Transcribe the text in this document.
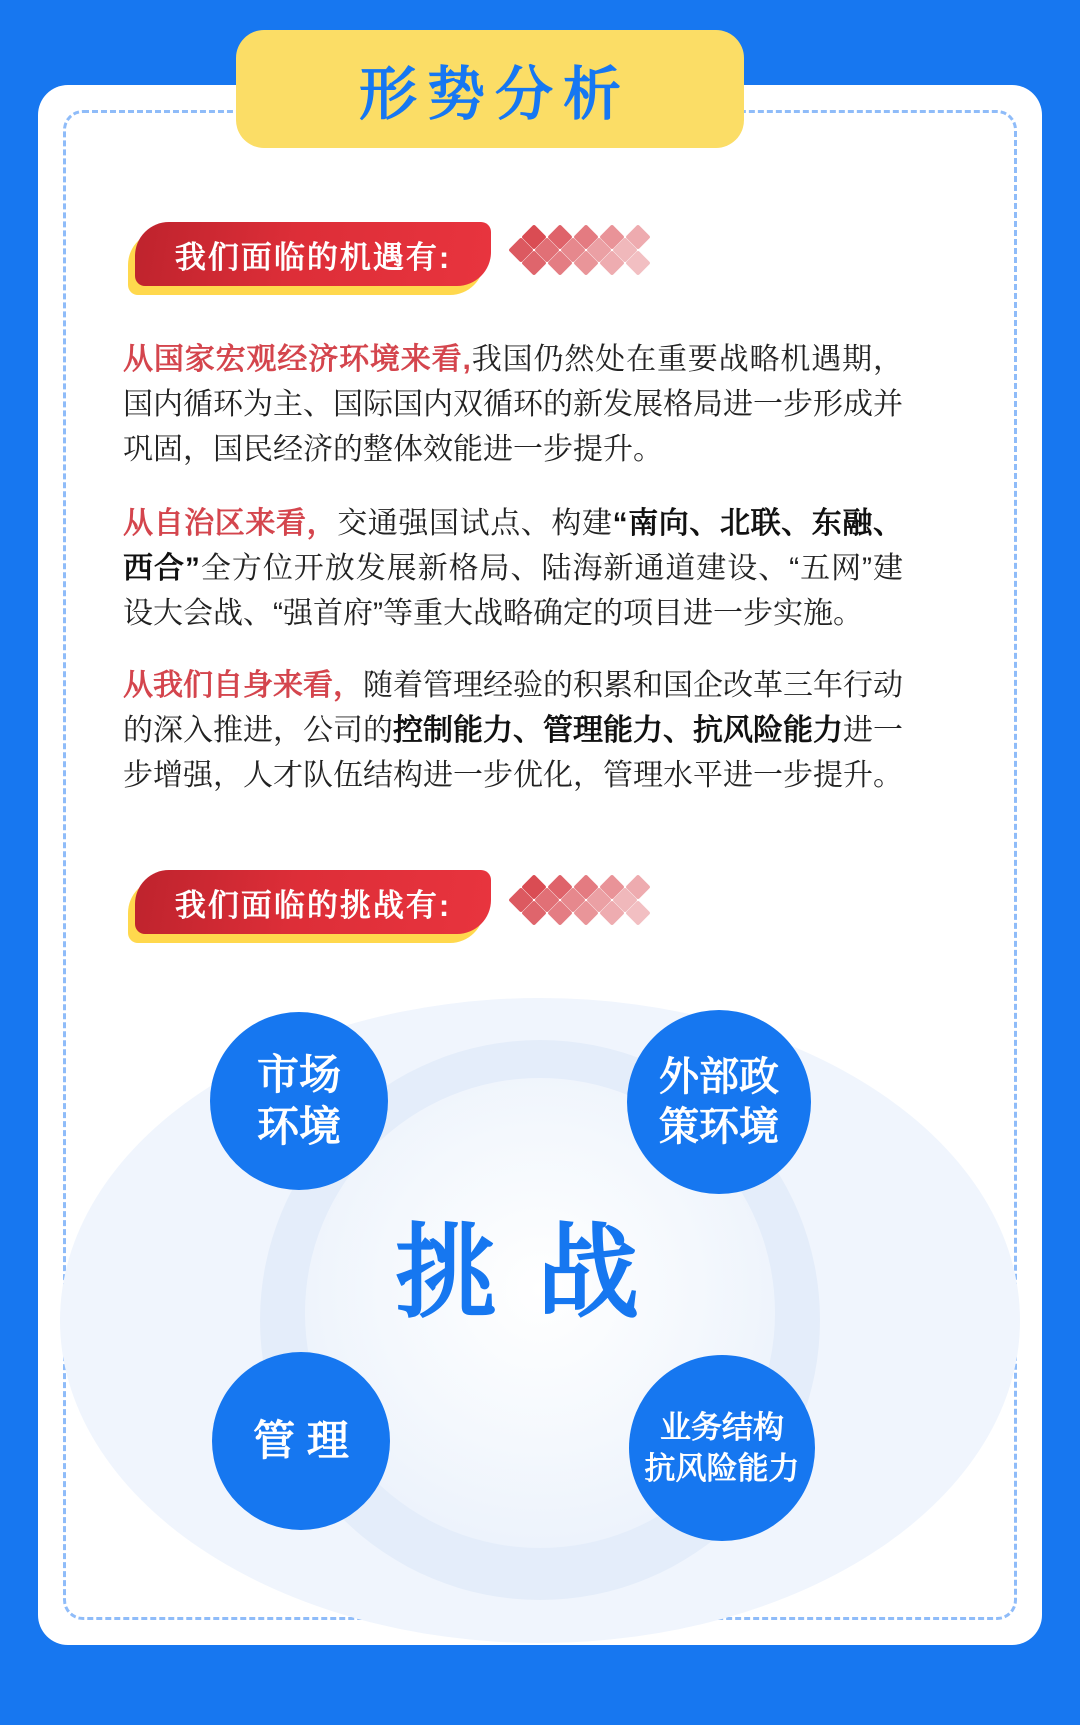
形势分析
我们面临的机遇有:
从国家宏观经济环境来看,我国仍然处在重要战略机遇期，国内循环为主、国际国内双循环的新发展格局进一步形成并巩固，国民经济的整体效能进一步提升。
从自治区来看，交通强国试点、构建“南向、北联、东融、西合”全方位开放发展新格局、陆海新通道建设、“五网”建设大会战、“强首府”等重大战略确定的项目进一步实施。
从我们自身来看，随着管理经验的积累和国企改革三年行动的深入推进，公司的控制能力、管理能力、抗风险能力进一步增强，人才队伍结构进一步优化，管理水平进一步提升。
我们面临的挑战有:
市场
环境
外部政
策环境
管 理	业务结构
抗风险能力
挑 战
